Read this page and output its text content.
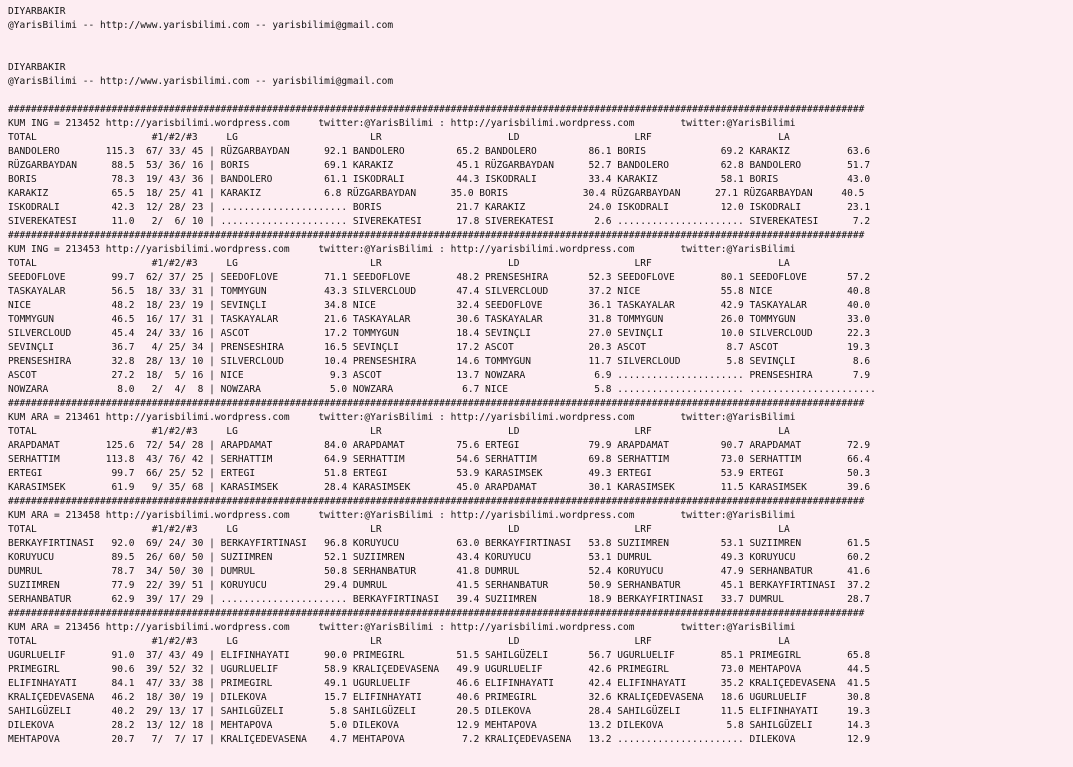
DIYARBAKIR
@YarisBilimi -- http://www.yarisbilimi.com -- yarisbilimi@gmail.com

DIYARBAKIR
@YarisBilimi -- http://www.yarisbilimi.com -- yarisbilimi@gmail.com

#####################################################################################################################################################
KUM ING = 213452 http://yarisbilimi.wordpress.com     twitter:@YarisBilimi : http://yarisbilimi.wordpress.com        twitter:@YarisBilimi
TOTAL                    #1/#2/#3     LG                       LR                      LD                    LRF                      LA
BANDOLERO        115.3  67/ 33/ 45 | RÜZGARBAYDAN      92.1 BANDOLERO         65.2 BANDOLERO         86.1 BORIS             69.2 KARAKIZ          63.6
RÜZGARBAYDAN      88.5  53/ 36/ 16 | BORIS             69.1 KARAKIZ           45.1 RÜZGARBAYDAN      52.7 BANDOLERO         62.8 BANDOLERO        51.7
BORIS             78.3  19/ 43/ 36 | BANDOLERO         61.1 ISKODRALI         44.3 ISKODRALI         33.4 KARAKIZ           58.1 BORIS            43.0
KARAKIZ           65.5  18/ 25/ 41 | KARAKIZ           6.8 RÜZGARBAYDAN      35.0 BORIS             30.4 RÜZGARBAYDAN      27.1 RÜZGARBAYDAN     40.5
ISKODRALI         42.3  12/ 28/ 23 | ...................... BORIS             21.7 KARAKIZ           24.0 ISKODRALI         12.0 ISKODRALI        23.1
SIVEREKATESI      11.0   2/  6/ 10 | ...................... SIVEREKATESI      17.8 SIVEREKATESI       2.6 ...................... SIVEREKATESI      7.2
#####################################################################################################################################################
KUM ING = 213453 http://yarisbilimi.wordpress.com     twitter:@YarisBilimi : http://yarisbilimi.wordpress.com        twitter:@YarisBilimi
TOTAL                    #1/#2/#3     LG                       LR                      LD                    LRF                      LA
SEEDOFLOVE        99.7  62/ 37/ 25 | SEEDOFLOVE        71.1 SEEDOFLOVE        48.2 PRENSESHIRA       52.3 SEEDOFLOVE        80.1 SEEDOFLOVE       57.2
TASKAYALAR        56.5  18/ 33/ 31 | TOMMYGUN          43.3 SILVERCLOUD       47.4 SILVERCLOUD       37.2 NICE              55.8 NICE             40.8
NICE              48.2  18/ 23/ 19 | SEVINÇLI          34.8 NICE              32.4 SEEDOFLOVE        36.1 TASKAYALAR        42.9 TASKAYALAR       40.0
TOMMYGUN          46.5  16/ 17/ 31 | TASKAYALAR        21.6 TASKAYALAR        30.6 TASKAYALAR        31.8 TOMMYGUN          26.0 TOMMYGUN         33.0
SILVERCLOUD       45.4  24/ 33/ 16 | ASCOT             17.2 TOMMYGUN          18.4 SEVINÇLI          27.0 SEVINÇLI          10.0 SILVERCLOUD      22.3
SEVINÇLI          36.7   4/ 25/ 34 | PRENSESHIRA       16.5 SEVINÇLI          17.2 ASCOT             20.3 ASCOT              8.7 ASCOT            19.3
PRENSESHIRA       32.8  28/ 13/ 10 | SILVERCLOUD       10.4 PRENSESHIRA       14.6 TOMMYGUN          11.7 SILVERCLOUD        5.8 SEVINÇLI          8.6
ASCOT             27.2  18/  5/ 16 | NICE               9.3 ASCOT             13.7 NOWZARA            6.9 ...................... PRENSESHIRA       7.9
NOWZARA            8.0   2/  4/  8 | NOWZARA            5.0 NOWZARA            6.7 NICE               5.8 ...................... ......................
#####################################################################################################################################################
KUM ARA = 213461 http://yarisbilimi.wordpress.com     twitter:@YarisBilimi : http://yarisbilimi.wordpress.com        twitter:@YarisBilimi
TOTAL                    #1/#2/#3     LG                       LR                      LD                    LRF                      LA
ARAPDAMAT        125.6  72/ 54/ 28 | ARAPDAMAT         84.0 ARAPDAMAT         75.6 ERTEGI            79.9 ARAPDAMAT         90.7 ARAPDAMAT        72.9
SERHATTIM        113.8  43/ 76/ 42 | SERHATTIM         64.9 SERHATTIM         54.6 SERHATTIM         69.8 SERHATTIM         73.0 SERHATTIM        66.4
ERTEGI            99.7  66/ 25/ 52 | ERTEGI            51.8 ERTEGI            53.9 KARASIMSEK        49.3 ERTEGI            53.9 ERTEGI           50.3
KARASIMSEK        61.9   9/ 35/ 68 | KARASIMSEK        28.4 KARASIMSEK        45.0 ARAPDAMAT         30.1 KARASIMSEK        11.5 KARASIMSEK       39.6
#####################################################################################################################################################
KUM ARA = 213458 http://yarisbilimi.wordpress.com     twitter:@YarisBilimi : http://yarisbilimi.wordpress.com        twitter:@YarisBilimi
TOTAL                    #1/#2/#3     LG                       LR                      LD                    LRF                      LA
BERKAYFIRTINASI   92.0  69/ 24/ 30 | BERKAYFIRTINASI   96.8 KORUYUCU          63.0 BERKAYFIRTINASI   53.8 SUZIIMREN         53.1 SUZIIMREN        61.5
KORUYUCU          89.5  26/ 60/ 50 | SUZIIMREN         52.1 SUZIIMREN         43.4 KORUYUCU          53.1 DUMRUL            49.3 KORUYUCU         60.2
DUMRUL            78.7  34/ 50/ 30 | DUMRUL            50.8 SERHANBATUR       41.8 DUMRUL            52.4 KORUYUCU          47.9 SERHANBATUR      41.6
SUZIIMREN         77.9  22/ 39/ 51 | KORUYUCU          29.4 DUMRUL            41.5 SERHANBATUR       50.9 SERHANBATUR       45.1 BERKAYFIRTINASI  37.2
SERHANBATUR       62.9  39/ 17/ 29 | ...................... BERKAYFIRTINASI   39.4 SUZIIMREN         18.9 BERKAYFIRTINASI   33.7 DUMRUL           28.7
#####################################################################################################################################################
KUM ARA = 213456 http://yarisbilimi.wordpress.com     twitter:@YarisBilimi : http://yarisbilimi.wordpress.com        twitter:@YarisBilimi
TOTAL                    #1/#2/#3     LG                       LR                      LD                    LRF                      LA
UGURLUELIF        91.0  37/ 43/ 49 | ELIFINHAYATI      90.0 PRIMEGIRL         51.5 SAHILGÜZELI       56.7 UGURLUELIF        85.1 PRIMEGIRL        65.8
PRIMEGIRL         90.6  39/ 52/ 32 | UGURLUELIF        58.9 KRALIÇEDEVASENA   49.9 UGURLUELIF        42.6 PRIMEGIRL         73.0 MEHTAPOVA        44.5
ELIFINHAYATI      84.1  47/ 33/ 38 | PRIMEGIRL         49.1 UGURLUELIF        46.6 ELIFINHAYATI      42.4 ELIFINHAYATI      35.2 KRALIÇEDEVASENA  41.5
KRALIÇEDEVASENA   46.2  18/ 30/ 19 | DILEKOVA          15.7 ELIFINHAYATI      40.6 PRIMEGIRL         32.6 KRALIÇEDEVASENA   18.6 UGURLUELIF       30.8
SAHILGÜZELI       40.2  29/ 13/ 17 | SAHILGÜZELI        5.8 SAHILGÜZELI       20.5 DILEKOVA          28.4 SAHILGÜZELI       11.5 ELIFINHAYATI     19.3
DILEKOVA          28.2  13/ 12/ 18 | MEHTAPOVA          5.0 DILEKOVA          12.9 MEHTAPOVA         13.2 DILEKOVA           5.8 SAHILGÜZELI      14.3
MEHTAPOVA         20.7   7/  7/ 17 | KRALIÇEDEVASENA    4.7 MEHTAPOVA          7.2 KRALIÇEDEVASENA   13.2 ...................... DILEKOVA         12.9
